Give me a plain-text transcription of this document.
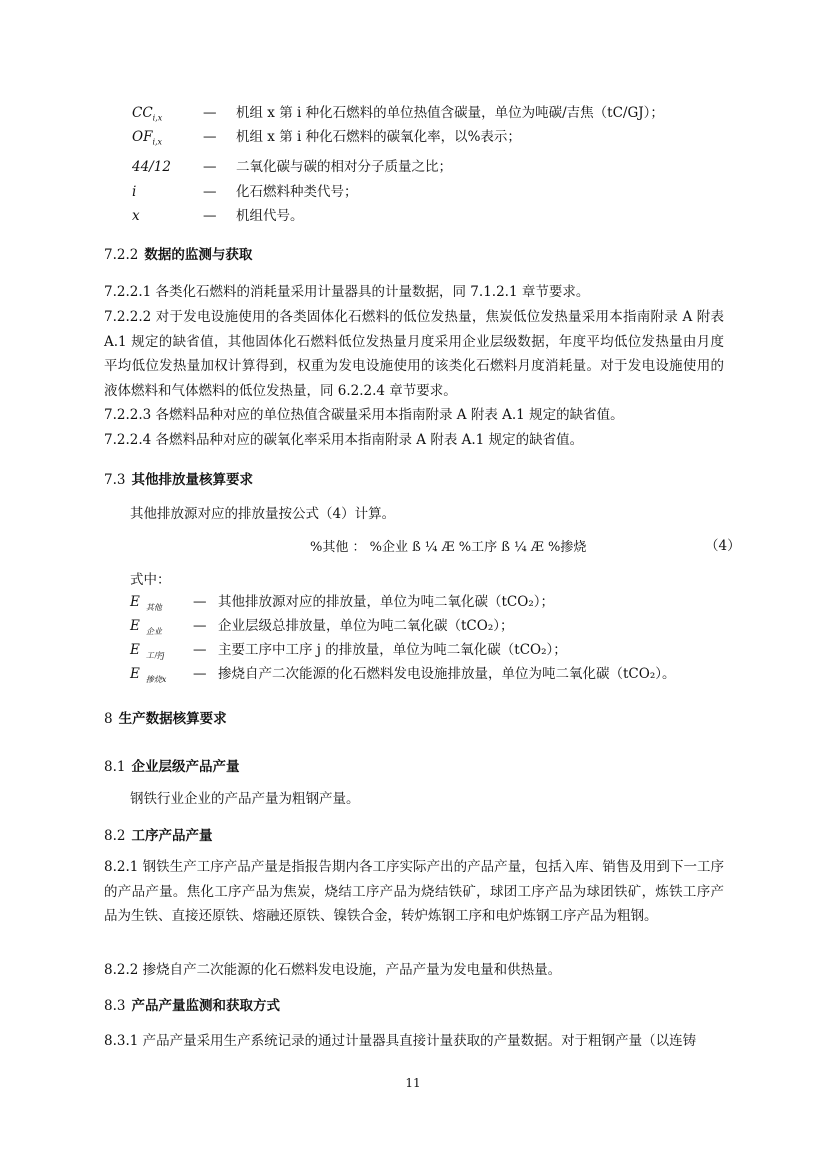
$CC_{i,x}$	— 机组 x 第 i 种化石燃料的单位热值含碳量，单位为吨碳/吉焦（tC/GJ）；
$OF_{i,x}$	— 机组 x 第 i 种化石燃料的碳氧化率，以%表示；
44/12 — 二氧化碳与碳的相对分子质量之比；
i	— 化石燃料种类代号；
x	— 机组代号。
7.2.2 数据的监测与获取
7.2.2.1 各类化石燃料的消耗量采用计量器具的计量数据，同 7.1.2.1 章节要求。
7.2.2.2 对于发电设施使用的各类固体化石燃料的低位发热量，焦炭低位发热量采用本指南附录 A 附表 A.1 规定的缺省值，其他固体化石燃料低位发热量月度采用企业层级数据，年度平均低位发热量由月度平均低位发热量加权计算得到，权重为发电设施使用的该类化石燃料月度消耗量。对于发电设施使用的液体燃料和气体燃料的低位发热量，同 6.2.2.4 章节要求。
7.2.2.3 各燃料品种对应的单位热值含碳量采用本指南附录 A 附表 A.1 规定的缺省值。
7.2.2.4 各燃料品种对应的碳氧化率采用本指南附录 A 附表 A.1 规定的缺省值。
7.3 其他排放量核算要求
其他排放源对应的排放量按公式（4）计算。
%其他 ： %企业 ß ¼ Æ %工序 ß ¼ Æ %掺烧	（4）
式中：
E $_{其他}$ — 其他排放源对应的排放量，单位为吨二氧化碳（tCO₂）；
E $_{企业}$ — 企业层级总排放量，单位为吨二氧化碳（tCO₂）；
E $_{工序j}$ — 主要工序中工序 j 的排放量，单位为吨二氧化碳（tCO₂）；
E $_{掺烧x}$ — 掺烧自产二次能源的化石燃料发电设施排放量，单位为吨二氧化碳（tCO₂）。
8 生产数据核算要求
8.1 企业层级产品产量
钢铁行业企业的产品产量为粗钢产量。
8.2 工序产品产量
8.2.1 钢铁生产工序产品产量是指报告期内各工序实际产出的产品产量，包括入库、销售及用到下一工序的产品产量。焦化工序产品为焦炭，烧结工序产品为烧结铁矿，球团工序产品为球团铁矿，炼铁工序产品为生铁、直接还原铁、熔融还原铁、镍铁合金，转炉炼钢工序和电炉炼钢工序产品为粗钢。
8.2.2 掺烧自产二次能源的化石燃料发电设施，产品产量为发电量和供热量。
8.3 产品产量监测和获取方式
8.3.1 产品产量采用生产系统记录的通过计量器具直接计量获取的产量数据。对于粗钢产量（以连铸
11
